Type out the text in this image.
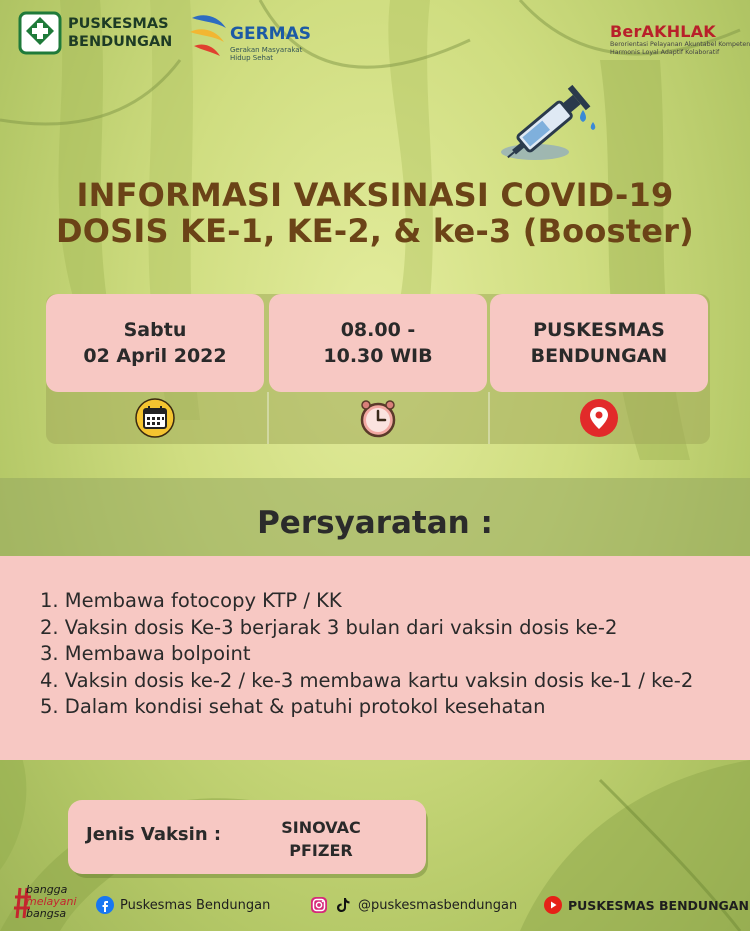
PUSKESMAS
BENDUNGAN	GERMAS
Gerakan Masyarakat
Hidup Sehat
BerAKHLAK
Berorientasi Pelayanan Akuntabel Kompeten
Harmonis Loyal Adaptif Kolaboratif
INFORMASI VAKSINASI COVID-19
DOSIS KE-1, KE-2, & ke-3 (Booster)
Sabtu
02 April 2022
08.00 -
10.30 WIB
PUSKESMAS
BENDUNGAN
Persyaratan :
1. Membawa fotocopy KTP / KK
2. Vaksin dosis Ke-3 berjarak 3 bulan dari vaksin dosis ke-2
3. Membawa bolpoint
4. Vaksin dosis ke-2 / ke-3 membawa kartu vaksin dosis ke-1 / ke-2
5. Dalam kondisi sehat & patuhi protokol kesehatan
Jenis Vaksin :	SINOVAC
PFIZER
bangga
melayani
bangsa
Puskesmas Bendungan	@puskesmasbendungan	PUSKESMAS BENDUNGAN
